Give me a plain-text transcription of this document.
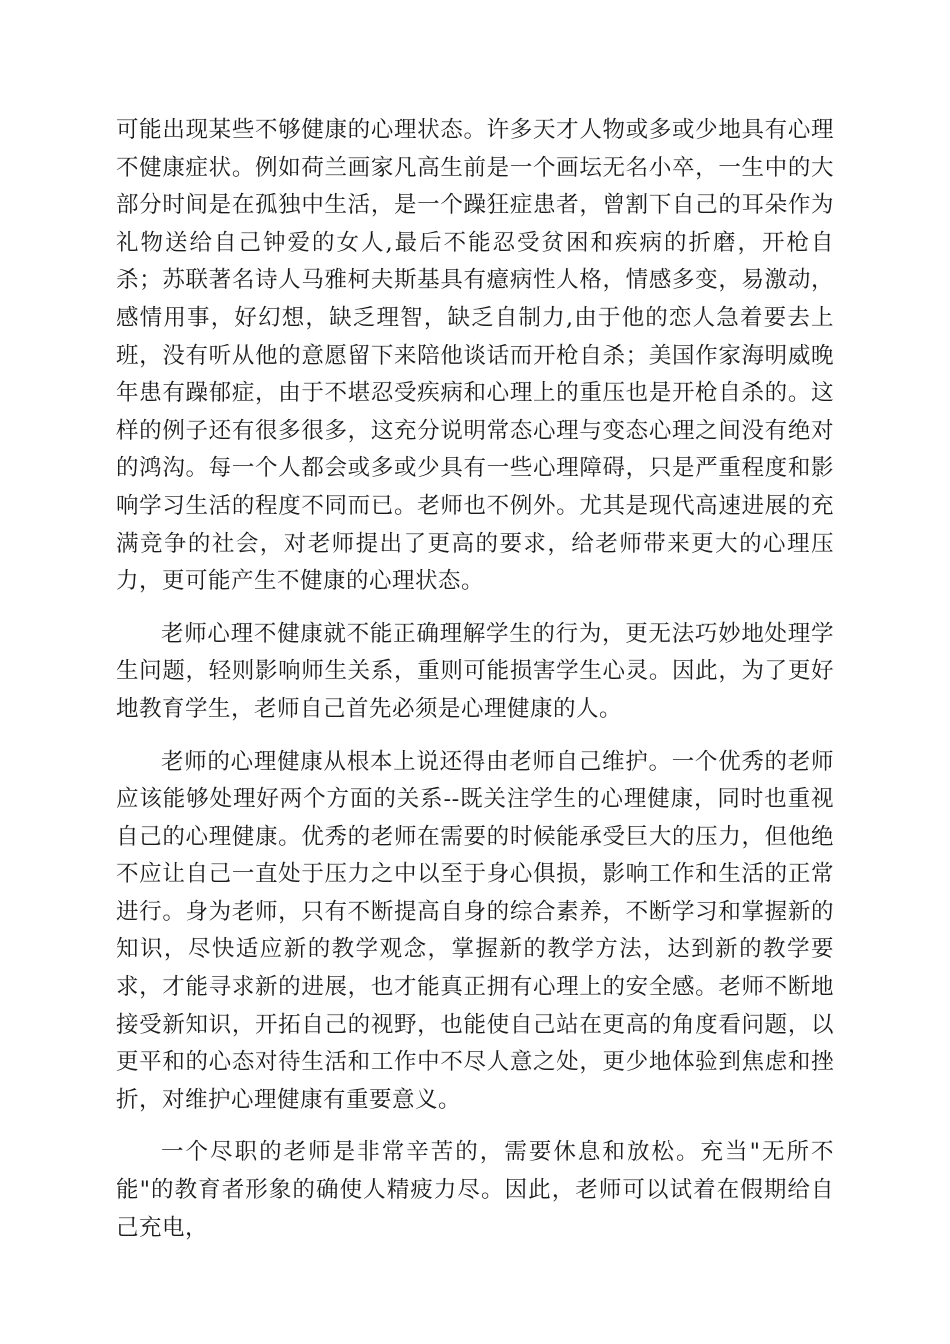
可能出现某些不够健康的心理状态。许多天才人物或多或少地具有心理不健康症状。例如荷兰画家凡高生前是一个画坛无名小卒，一生中的大部分时间是在孤独中生活，是一个躁狂症患者，曾割下自己的耳朵作为礼物送给自己钟爱的女人,最后不能忍受贫困和疾病的折磨，开枪自杀；苏联著名诗人马雅柯夫斯基具有癔病性人格，情感多变，易激动，感情用事，好幻想，缺乏理智，缺乏自制力,由于他的恋人急着要去上班，没有听从他的意愿留下来陪他谈话而开枪自杀；美国作家海明威晚年患有躁郁症，由于不堪忍受疾病和心理上的重压也是开枪自杀的。这样的例子还有很多很多，这充分说明常态心理与变态心理之间没有绝对的鸿沟。每一个人都会或多或少具有一些心理障碍，只是严重程度和影响学习生活的程度不同而已。老师也不例外。尤其是现代高速进展的充满竞争的社会，对老师提出了更高的要求，给老师带来更大的心理压力，更可能产生不健康的心理状态。

老师心理不健康就不能正确理解学生的行为，更无法巧妙地处理学生问题，轻则影响师生关系，重则可能损害学生心灵。因此，为了更好地教育学生，老师自己首先必须是心理健康的人。

老师的心理健康从根本上说还得由老师自己维护。一个优秀的老师应该能够处理好两个方面的关系--既关注学生的心理健康，同时也重视自己的心理健康。优秀的老师在需要的时候能承受巨大的压力，但他绝不应让自己一直处于压力之中以至于身心俱损，影响工作和生活的正常进行。身为老师，只有不断提高自身的综合素养，不断学习和掌握新的知识，尽快适应新的教学观念，掌握新的教学方法，达到新的教学要求，才能寻求新的进展，也才能真正拥有心理上的安全感。老师不断地接受新知识，开拓自己的视野，也能使自己站在更高的角度看问题，以更平和的心态对待生活和工作中不尽人意之处，更少地体验到焦虑和挫折，对维护心理健康有重要意义。

一个尽职的老师是非常辛苦的，需要休息和放松。充当"无所不能"的教育者形象的确使人精疲力尽。因此，老师可以试着在假期给自己充电，
